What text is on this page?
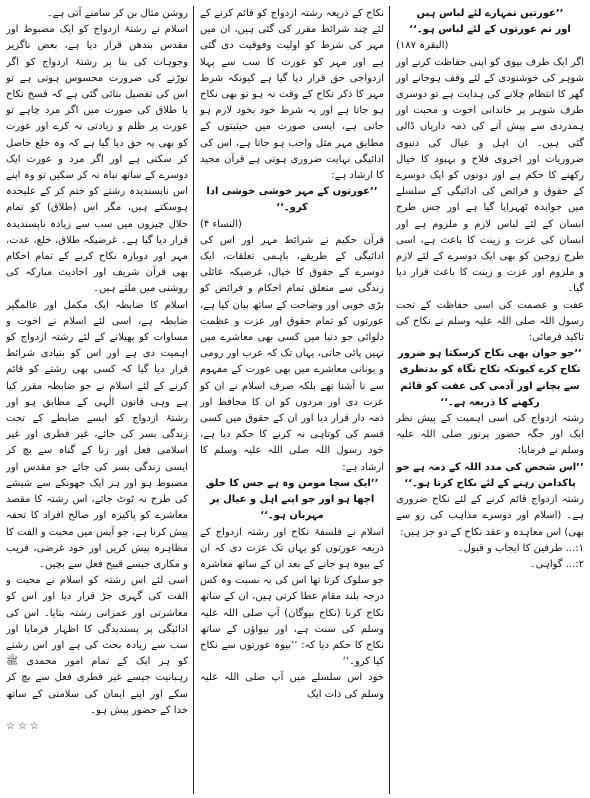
’’عورتیں تمہارے لئے لباس ہیں

اور تم عورتوں کے لئے لباس ہو۔‘‘

(البقرہ ۱۸۷)

اگر ایک طرف بیوی کو اپنی حفاظت کرنے اور شوہر کی خوشنودی کے لئے وقف ہوجانے اور گھر کا انتظام چلانے کی ہدایت ہے تو دوسری طرف شوہر پر خاندانی اخوت و محبت اور ہمدردی سے پیش آنے کی ذمہ داریاں ڈالی گئی ہیں۔ ان اہل و عیال کی دنیوی ضروریات اور اخروی فلاح و بہبود کا خیال رکھنے کا حکم ہے اور دونوں کو ایک دوسرے کے حقوق و فرائض کی ادائیگی کے سلسلے میں جوابدہ ٹھہرایا گیا ہے اور جس طرح انسان کے لئے لباس لازم و ملزوم ہے اور انسان کی عزت و زینت کا باعث ہے، اسی طرح زوجین کو بھی ایک دوسرے کے لئے لازم و ملزوم اور عزت و زینت کا باعث قرار دیا گیا۔

عفت و عصمت کی اسی حفاظت کے تحت رسول اللہ صلی اللہ علیہ وسلم نے نکاح کی تاکید فرمائی:

’’جو جوان بھی نکاح کرسکتا ہو ضرور نکاح کرے کیونکہ نکاح نگاہ کو بدنظری سے بچانے اور آدمی کی عفت کو قائم رکھنے کا ذریعہ ہے۔‘‘

رشتہ ازدواج کی اسی اہمیت کے پیش نظر ایک اور جگہ حضور پرنور صلی اللہ علیہ وسلم نے فرمایا:

’’اس شخص کی مدد اللہ کے ذمہ ہے جو پاکدامن رہنے کے لئے نکاح کرتا ہو۔‘‘

رشتہ ازدواج قائم کرنے کے لئے نکاح ضروری ہے۔ (اسلام اور دوسرے مذاہب کی رو سے بھی) اس معاہدہ و عقد نکاح کے دو جز ہیں:

۱:... طرفین کا ایجاب و قبول۔

۲:... گواہی۔

نکاح کے ذریعہ رشتہ ازدواج کو قائم کرنے کے لئے چند شرائط مقرر کی گئی ہیں، ان میں مہر کی شرط کو اولیت وفوقیت دی گئی ہے اور مہر کو عورت کا سب سے پہلا ازدواجی حق قرار دیا گیا ہے کیونکہ شرط مہر کا ذکر نکاح کے وقت نہ ہو تو بھی نکاح ہو جاتا ہے اور یہ شرط خود بخود لازم ہو جاتی ہے، ایسی صورت میں حیثیتوں کے مطابق مہر مثل واجب ہو جاتا ہے، اس کی ادائیگی نہایت ضروری ہوتی ہے قرآن مجید کا ارشاد ہے:

’’عورتوں کے مہر خوشی خوشی ادا کرو۔‘‘

(النساء ۴)

قرآن حکیم نے شرائط مہر اور اس کی ادائیگی کے طریقے، باہمی تعلقات، ایک دوسرے کے حقوق کا خیال، غرضیکہ عائلی زندگی سے متعلق تمام احکام و فرائض کو بڑی خوبی اور وضاحت کے ساتھ بیان کیا ہے، عورتوں کو تمام حقوق اور عزت و عظمت دلوائی جو دنیا میں کسی بھی معاشرے میں نہیں پائی جاتی، یہاں تک کہ عرب اور رومی و یونانی معاشرے میں بھی عورت کے مفہوم سے نا آشنا تھے بلکہ صرف اسلام نے ان کو عزت دی اور مردوں کو ان کا محافظ اور ذمہ دار قرار دیا اور ان کے حقوق میں کسی قسم کی کوتاہی نہ کرنے کا حکم دیا ہے، خود رسول اللہ صلی اللہ علیہ وسلم کا ارشاد ہے:

’’ایک سچا مومن وہ ہے جس کا خلق اچھا ہو اور جو اپنے اہل و عیال پر مہربان ہو۔‘‘

اسلام نے فلسفۂ نکاح اور رشتہ ازدواج کے ذریعہ عورتوں کو یہاں تک عزت دی کہ ان کے بیوہ ہو جانے کے بعد ان کے ساتھ معاشرہ جو سلوک کرتا تھا اس کی بہ نسبت وہ کس درجہ بلند مقام عطا کرتی ہیں، ان کے ساتھ نکاح کرنا (نکاح بیوگان) آپ صلی اللہ علیہ وسلم کی سنت ہے، اور بیواؤں کے ساتھ نکاح کا حکم دیا کہ: ’’بیوہ عورتوں سے نکاح کیا کرو۔‘‘

خود اس سلسلے میں آپ صلی اللہ علیہ وسلم کی ذات ایک

روشن مثال بن کر سامنے آتی ہے۔

اسلام نے رشتۂ ازدواج کو ایک مضبوط اور مقدس بندھن قرار دیا ہے، بعض ناگزیر وجوہات کی بنا پر رشتۂ ازدواج کو اگر توڑنے کی ضرورت محسوس ہوتی ہے تو اس کی تفصیل بتائی گئی ہے کہ فسخ نکاح یا طلاق کی صورت میں اگر مرد چاہے تو عورت پر ظلم و زیادتی نہ کرے اور عورت کو بھی یہ حق دیا گیا ہے کہ وہ خلع حاصل کر سکتی ہے اور اگر مرد و عورت ایک دوسرے کے ساتھ نباہ نہ کر سکیں تو وہ اپنے اس ناپسندیدہ رشتے کو ختم کر کے علیحدہ ہوسکتے ہیں، مگر اس (طلاق) کو تمام حلال چیزوں میں سب سے زیادہ ناپسندیدہ قرار دیا گیا ہے۔ غرضیکہ طلاق، خلع، عدت، مہر اور دوبارہ نکاح کرنے کے تمام احکام بھی قرآن شریف اور احادیث مبارکہ کی روشنی میں ملتے ہیں۔

اسلام کا ضابطہ ایک مکمل اور عالمگیر ضابطہ ہے، اسی لئے اسلام نے اخوت و مساوات کو پھیلانے کے لئے رشتہ ازدواج کو اہمیت دی ہے اور اس کو بنیادی شرائط قرار دیا گیا کہ کسی بھی رشتے کو قائم کرنے کے لئے اسلام نے جو ضابطہ مقرر کیا ہے وہی قانون الٰہی کے مطابق ہو اور رشتۂ ازدواج کو ایسے ضابطے کے تحت زندگی بسر کی جائے، غیر فطری اور غیر اسلامی فعل اور زنا کے گناہ سے بچ کر ایسی زندگی بسر کی جائے جو مقدس اور مضبوط ہو اور ہر ایک جھونکے سے شیشے کی طرح نہ ٹوٹ جائے، اس رشتہ کا مقصد معاشرے کو پاکیزہ اور صالح افراد کا تحفہ پیش کرنا ہے، جو آپس میں محبت و الفت کا مظاہرہ پیش کریں اور خود غرضی، فریب و مکاری جیسے قبیح فعل سے بچیں۔

اسی لئے اس رشتہ کو اسلام نے محبت و الفت کی گہری جڑ قرار دیا اور اس کو معاشرتی اور عمرانی رشتہ بتایا۔ اس کی ادائیگی پر پسندیدگی کا اظہار فرمایا اور سب سے زیادہ بحث کی ہے اور اس رشتے کو ہر ایک کے تمام امور محمدی ﷺ رہبانیت جیسے غیر فطری فعل سے بچ کر سکے اور اپنے ایمان کی سلامتی کے ساتھ خدا کے حضور پیش ہو۔

☆☆☆
